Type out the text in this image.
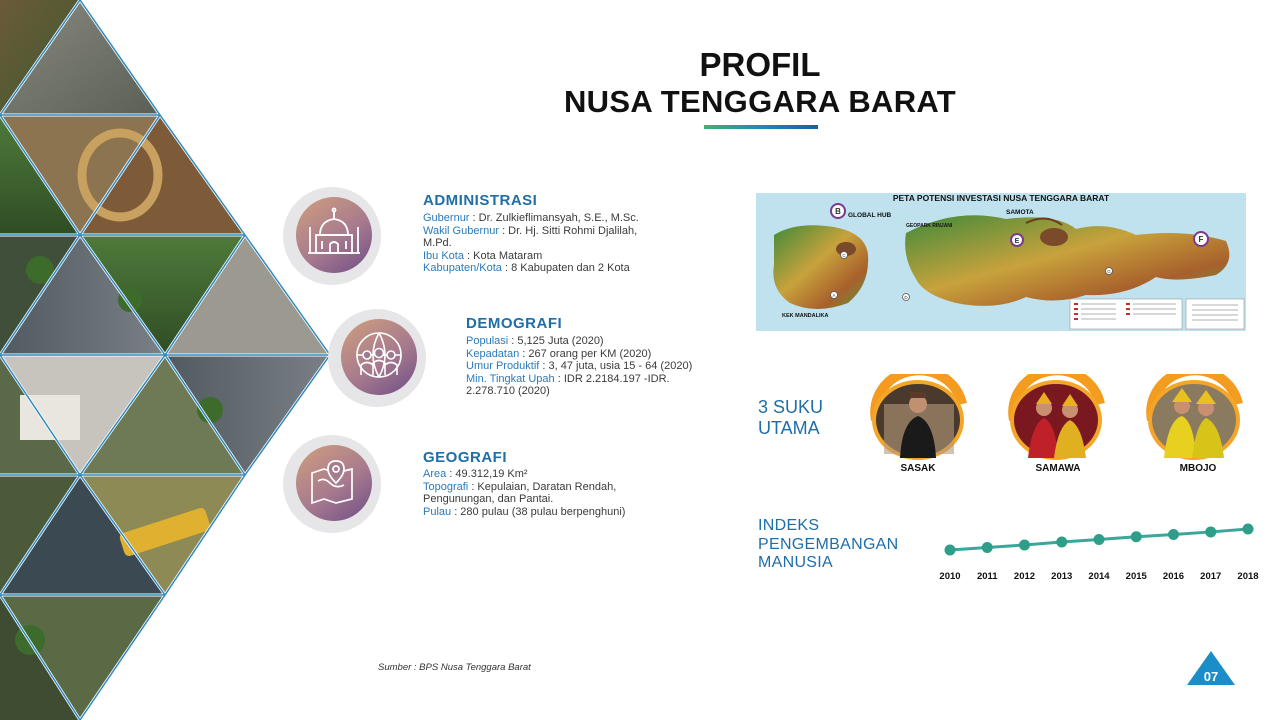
PROFIL
NUSA TENGGARA BARAT
ADMINISTRASI
Gubernur : Dr. Zulkieflimansyah, S.E., M.Sc.
Wakil Gubernur : Dr. Hj. Sitti Rohmi Djalilah,
M.Pd.
Ibu Kota : Kota Mataram
Kabupaten/Kota : 8 Kabupaten dan 2 Kota
DEMOGRAFI
Populasi : 5,125 Juta (2020)
Kepadatan : 267 orang per KM (2020)
Umur Produktif : 3, 47 juta, usia 15 - 64 (2020)
Min. Tingkat Upah : IDR 2.2184.197 -IDR.
2.278.710 (2020)
GEOGRAFI
Area : 49.312,19 Km²
Topografi : Kepulaian, Daratan Rendah,
Pengunungan, dan Pantai.
Pulau : 280 pulau (38 pulau berpenghuni)
PETA POTENSI INVESTASI NUSA TENGGARA BARAT
GLOBAL HUB	SAMOTA
GEOPARK RINJANI
KEK MANDALIKA
B
E	F
A
C
D
G
3 SUKU
UTAMA
SASAK	SAMAWA	MBOJO
INDEKS
PENGEMBANGAN
MANUSIA
2010 2011 2012 2013 2014 2015 2016 2017 2018
Sumber : BPS Nusa Tenggara Barat
07
